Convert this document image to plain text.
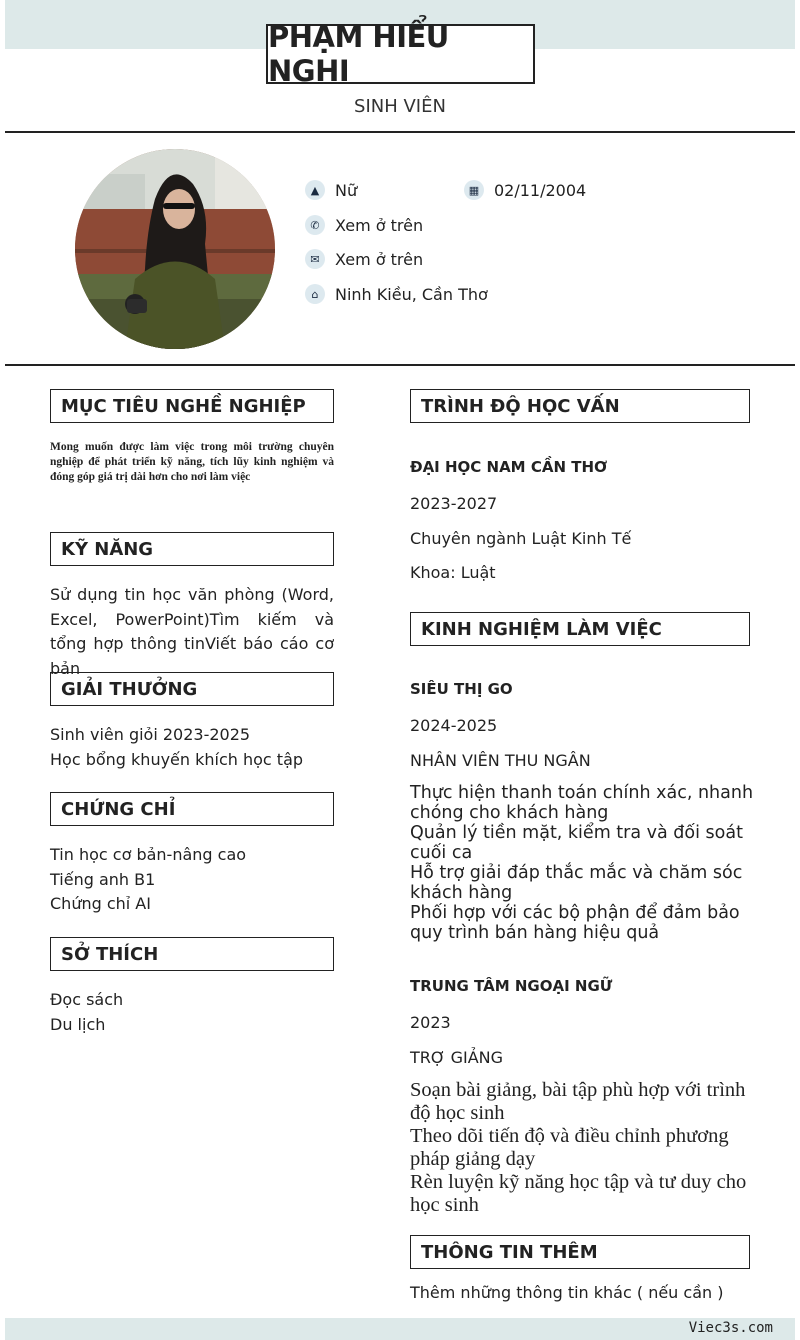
PHẠM HIỂU NGHI
SINH VIÊN
▲ Nữ	▦ 02/11/2004
✆ Xem ở trên
✉ Xem ở trên
⌂	Ninh Kiều, Cần Thơ
MỤC TIÊU NGHỀ NGHIỆP
Mong muốn được làm việc trong môi trường chuyên nghiệp để phát triển kỹ năng, tích lũy kinh nghiệm và đóng góp giá trị dài hơn cho nơi làm việc
KỸ NĂNG
Sử dụng tin học văn phòng (Word, Excel, PowerPoint)Tìm kiếm và tổng hợp thông tinViết báo cáo cơ bản
GIẢI THƯỞNG
Sinh viên giỏi 2023-2025
Học bổng khuyến khích học tập
CHỨNG CHỈ
Tin học cơ bản-nâng cao
Tiếng anh B1
Chứng chỉ AI
SỞ THÍCH
Đọc sách
Du lịch
TRÌNH ĐỘ HỌC VẤN
ĐẠI HỌC NAM CẦN THƠ
2023-2027
Chuyên ngành Luật Kinh Tế
Khoa: Luật
KINH NGHIỆM LÀM VIỆC
SIÊU THỊ GO
2024-2025
NHÂN VIÊN THU NGÂN
Thực hiện thanh toán chính xác, nhanh chóng cho khách hàng
Quản lý tiền mặt, kiểm tra và đối soát cuối ca
Hỗ trợ giải đáp thắc mắc và chăm sóc khách hàng
Phối hợp với các bộ phận để đảm bảo quy trình bán hàng hiệu quả
TRUNG TÂM NGOẠI NGỮ
2023
TRỢ GIẢNG
Soạn bài giảng, bài tập phù hợp với trình độ học sinh
Theo dõi tiến độ và điều chỉnh phương pháp giảng dạy
Rèn luyện kỹ năng học tập và tư duy cho học sinh
THÔNG TIN THÊM
Thêm những thông tin khác ( nếu cần )
Viec3s.com
